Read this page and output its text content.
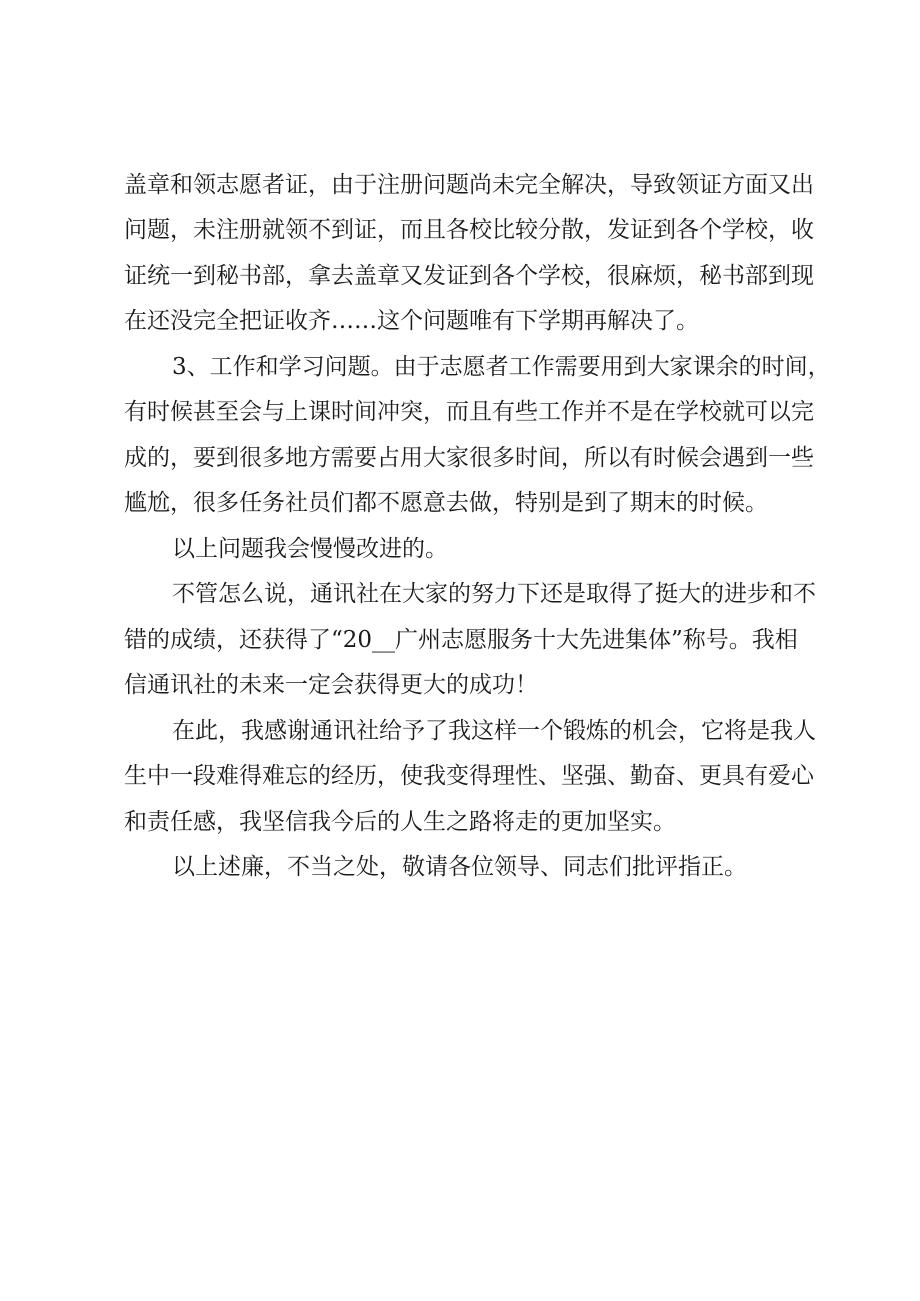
盖章和领志愿者证，由于注册问题尚未完全解决，导致领证方面又出
问题，未注册就领不到证，而且各校比较分散，发证到各个学校，收
证统一到秘书部，拿去盖章又发证到各个学校，很麻烦，秘书部到现
在还没完全把证收齐……这个问题唯有下学期再解决了。
3、工作和学习问题。由于志愿者工作需要用到大家课余的时间，
有时候甚至会与上课时间冲突，而且有些工作并不是在学校就可以完
成的，要到很多地方需要占用大家很多时间，所以有时候会遇到一些
尴尬，很多任务社员们都不愿意去做，特别是到了期末的时候。
以上问题我会慢慢改进的。
不管怎么说，通讯社在大家的努力下还是取得了挺大的进步和不
错的成绩，还获得了“20__广州志愿服务十大先进集体”称号。我相
信通讯社的未来一定会获得更大的成功！
在此，我感谢通讯社给予了我这样一个锻炼的机会，它将是我人
生中一段难得难忘的经历，使我变得理性、坚强、勤奋、更具有爱心
和责任感，我坚信我今后的人生之路将走的更加坚实。
以上述廉，不当之处，敬请各位领导、同志们批评指正。
